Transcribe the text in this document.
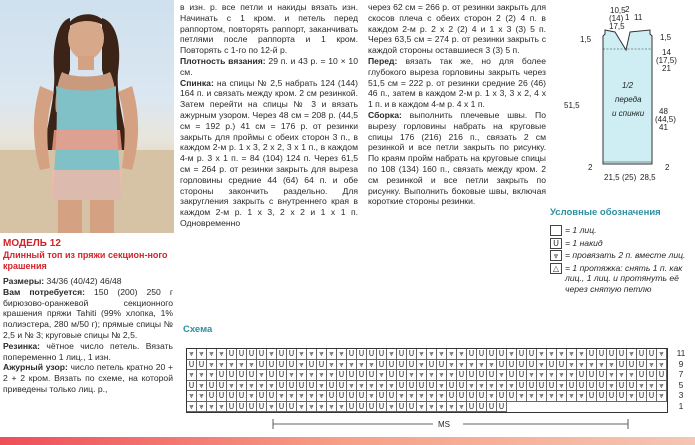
МОДЕЛЬ 12
Длинный топ из пряжи секцион-ного крашения

Размеры: 34/36 (40/42) 46/48

Вам потребуется: 150 (200) 250 г бирюзово-оранжевой секционного крашения пряжи Tahiti (99% хлопка, 1% полиэстера, 280 м/50 г); прямые спицы № 2,5 и № 3; круговые спицы № 2,5.

Резинка: чётное число петель. Вязать попеременно 1 лиц., 1 изн.

Ажурный узор: число петель кратно 20 + 2 + 2 кром. Вязать по схеме, на которой приведены только лиц. р.,

в изн. р. все петли и накиды вязать изн. Начинать с 1 кром. и петель перед раппортом, повторять раппорт, заканчивать петлями после раппорта и 1 кром. Повторять с 1-го по 12-й р.

Плотность вязания: 29 п. и 43 р. = 10 × 10 см.

Спинка: на спицы № 2,5 набрать 124 (144) 164 п. и связать между кром. 2 см резинкой. Затем перейти на спицы № 3 и вязать ажурным узором. Через 48 см = 208 р. (44,5 см = 192 р.) 41 см = 176 р. от резинки закрыть для проймы с обеих сторон 3 п., в каждом 2-м р. 1 х 3, 2 х 2, 3 х 1 п., в каждом 4-м р. 3 х 1 п. = 84 (104) 124 п. Через 61,5 см = 264 р. от резинки закрыть для выреза горловины средние 44 (64) 64 п. и обе стороны закончить раздельно. Для закругления закрыть с внутреннего края в каждом 2-м р. 1 х 3, 2 х 2 и 1 х 1 п. Одновременно

через 62 см = 266 р. от резинки закрыть для скосов плеча с обеих сторон 2 (2) 4 п. в каждом 2-м р. 2 х 2 (2) 4 и 1 х 3 (3) 5 п. Через 63,5 см = 274 р. от резинки закрыть с каждой стороны оставшиеся 3 (3) 5 п.

Перед: вязать так же, но для более глубокого выреза горловины закрыть через 51,5 см = 222 р. от резинки средние 26 (46) 46 п., затем в каждом 2-м р. 1 х 3, 3 х 2, 4 х 1 п. и в каждом 4-м р. 4 х 1 п.

Сборка: выполнить плечевые швы. По вырезу горловины набрать на круговые спицы 176 (216) 216 п., связать 2 см резинкой и все петли закрыть по рисунку. По краям пройм набрать на круговые спицы по 108 (134) 160 п., связать между кром. 2 см резинкой и все петли закрыть по рисунку. Выполнить боковые швы, включая короткие стороны резинки.

10,5
(14)
17,5
2
1 11
1,5
14
(17,5)
21
1,5
51,5
1/2
переда
и спинки 48
(44,5)
41
2	2
21,5 (25) 28,5
Условные обозначения
= 1 лиц.
U = 1 накид
⩔ = провязать 2 п. вместе лиц.
△ = 1 протяжка: снять 1 п. как лиц., 1 лиц. и протянуть её через снятую петлю
Схема
⩔ ⩔ ⩔ ⩔ U U U U ⩔ U U ⩔ ⩔ ⩔ ⩔ ⩔ U U U U ⩔ U U ⩔ ⩔ ⩔ ⩔ ⩔ U U U U ⩔ U U ⩔ ⩔ ⩔ ⩔ ⩔ U U U U ⩔ U U ⩔
U U ⩔ ⩔ ⩔ ⩔ ⩔ U U U U ⩔ U U ⩔ ⩔ ⩔ ⩔ ⩔ U U U U ⩔ U U ⩔ ⩔ ⩔ ⩔ ⩔ U U U U ⩔ U U ⩔ ⩔ ⩔ ⩔ ⩔ U U U ⩔ ⩔
⩔ ⩔ ⩔ U U U U ⩔ U U ⩔ ⩔ ⩔ ⩔ ⩔ U U U U ⩔ U U ⩔ ⩔ ⩔ ⩔ ⩔ U U U U ⩔ U U ⩔ ⩔ ⩔ ⩔ ⩔ U U U ⩔ ⩔ ⩔ U U U
U ⩔ U U ⩔ ⩔ ⩔ ⩔ ⩔ U U U U ⩔ U U ⩔ ⩔ ⩔ ⩔ ⩔ U U U U ⩔ U U ⩔ ⩔ ⩔ ⩔ ⩔ U U U U ⩔ U U U U ⩔ U U ⩔ ⩔ ⩔
⩔ ⩔ U U U U ⩔ U U ⩔ ⩔ ⩔ ⩔ ⩔ U U U U ⩔ U U ⩔ ⩔ ⩔ ⩔ ⩔ U U U U ⩔ U U ⩔ ⩔ ⩔ ⩔ ⩔ ⩔ ⩔ U U U U ⩔ U U ⩔
⩔ ⩔ ⩔ ⩔ U U U U ⩔ U U ⩔ ⩔ ⩔ ⩔ ⩔ U U U U ⩔ U U ⩔ ⩔ ⩔ ⩔ ⩔ U U U U
11
9
7
5
3
1
MS
